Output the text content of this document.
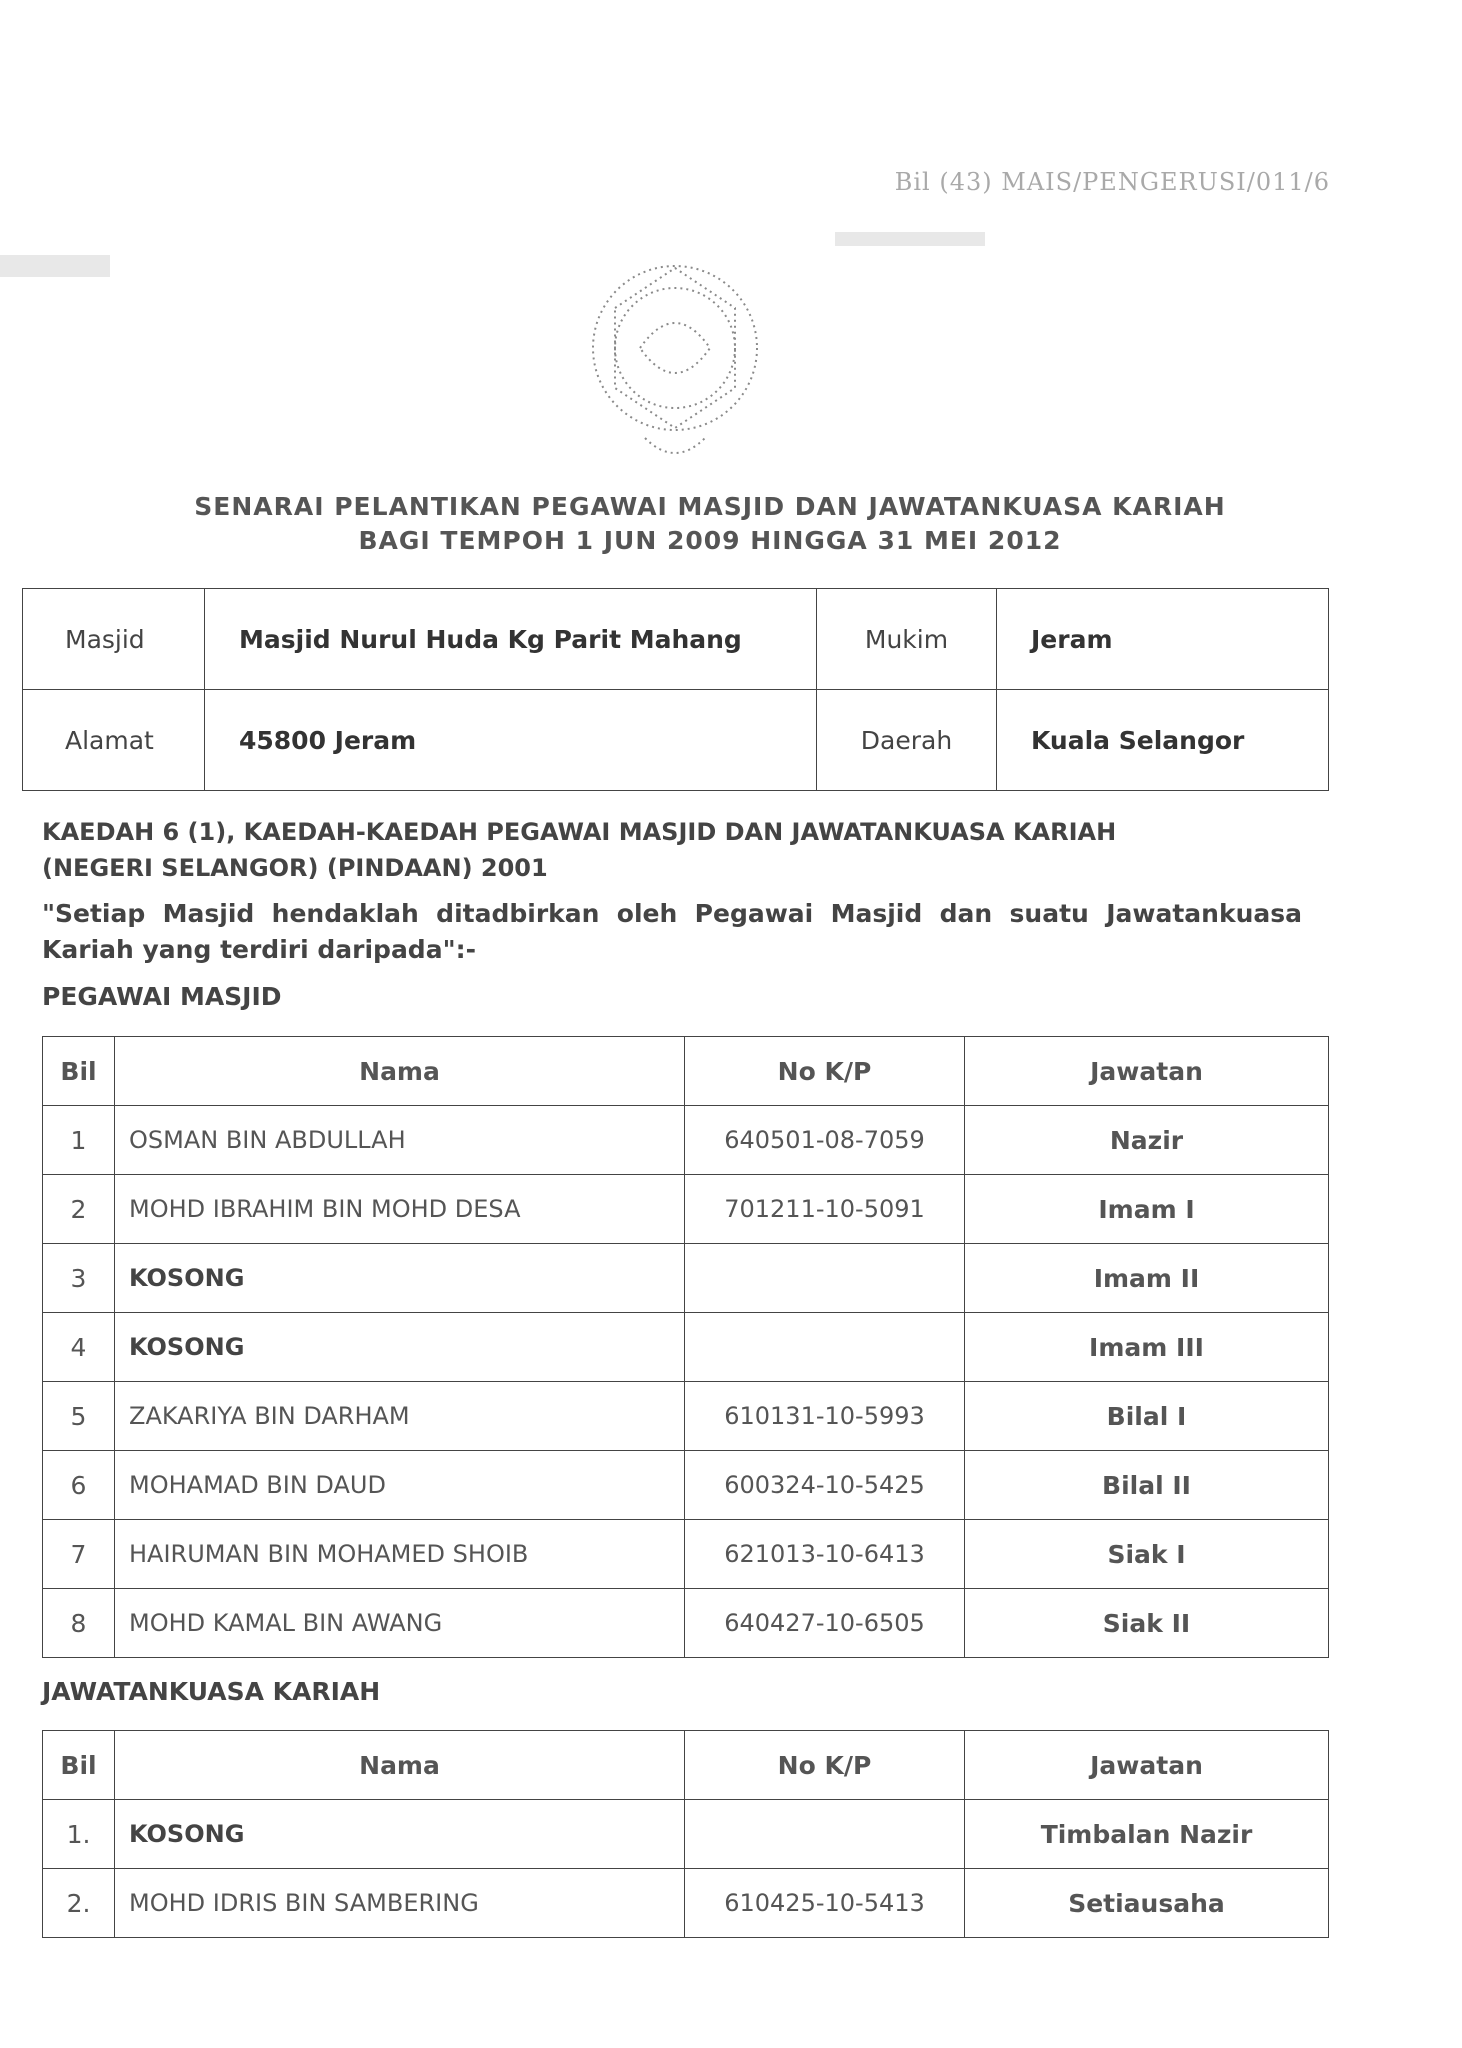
Bil (43) MAIS/PENGERUSI/011/6
SENARAI PELANTIKAN PEGAWAI MASJID DAN JAWATANKUASA KARIAH
BAGI TEMPOH 1 JUN 2009 HINGGA 31 MEI 2012
Masjid	Masjid Nurul Huda Kg Parit Mahang	Mukim	Jeram
Alamat	45800 Jeram	Daerah	Kuala Selangor
KAEDAH 6 (1), KAEDAH-KAEDAH PEGAWAI MASJID DAN JAWATANKUASA KARIAH
(NEGERI SELANGOR) (PINDAAN) 2001
"Setiap Masjid hendaklah ditadbirkan oleh Pegawai Masjid dan suatu Jawatankuasa Kariah yang terdiri daripada":-
PEGAWAI MASJID
Bil	Nama	No K/P	Jawatan
1	OSMAN BIN ABDULLAH	640501-08-7059	Nazir
2	MOHD IBRAHIM BIN MOHD DESA	701211-10-5091	Imam I
3	KOSONG		Imam II
4	KOSONG		Imam III
5	ZAKARIYA BIN DARHAM	610131-10-5993	Bilal I
6	MOHAMAD BIN DAUD	600324-10-5425	Bilal II
7	HAIRUMAN BIN MOHAMED SHOIB	621013-10-6413	Siak I
8	MOHD KAMAL BIN AWANG	640427-10-6505	Siak II
JAWATANKUASA KARIAH
Bil	Nama	No K/P	Jawatan
1.	KOSONG		Timbalan Nazir
2.	MOHD IDRIS BIN SAMBERING	610425-10-5413	Setiausaha
